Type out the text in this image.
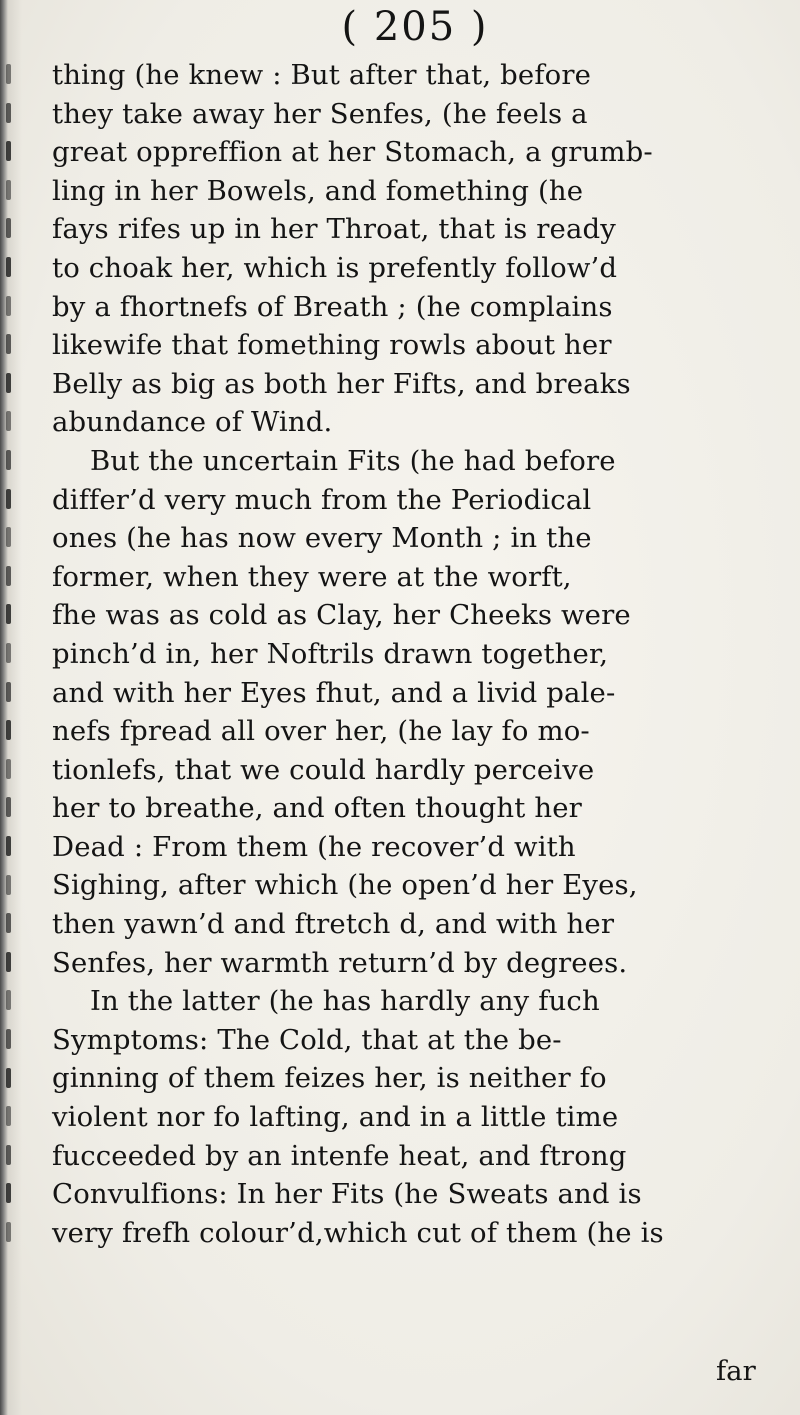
( 205 )
thing (he knew : But after that, before
they take away her Senfes, (he feels a
great oppreffion at her Stomach, a grumb-
ling in her Bowels, and fomething (he
fays rifes up in her Throat, that is ready
to choak her, which is prefently follow’d
by a fhortnefs of Breath ; (he complains
likewife that fomething rowls about her
Belly as big as both her Fifts, and breaks
abundance of Wind.
But the uncertain Fits (he had before
differ’d very much from the Periodical
ones (he has now every Month ; in the
former, when they were at the worft,
fhe was as cold as Clay, her Cheeks were
pinch’d in, her Noftrils drawn together,
and with her Eyes fhut, and a livid pale-
nefs fpread all over her, (he lay fo mo-
tionlefs, that we could hardly perceive
her to breathe, and often thought her
Dead : From them (he recover’d with
Sighing, after which (he open’d her Eyes,
then yawn’d and ftretch d, and with her
Senfes, her warmth return’d by degrees.
In the latter (he has hardly any fuch
Symptoms: The Cold, that at the be-
ginning of them feizes her, is neither fo
violent nor fo lafting, and in a little time
fucceeded by an intenfe heat, and ftrong
Convulfions: In her Fits (he Sweats and is
very frefh colour’d,which cut of them (he is
far
